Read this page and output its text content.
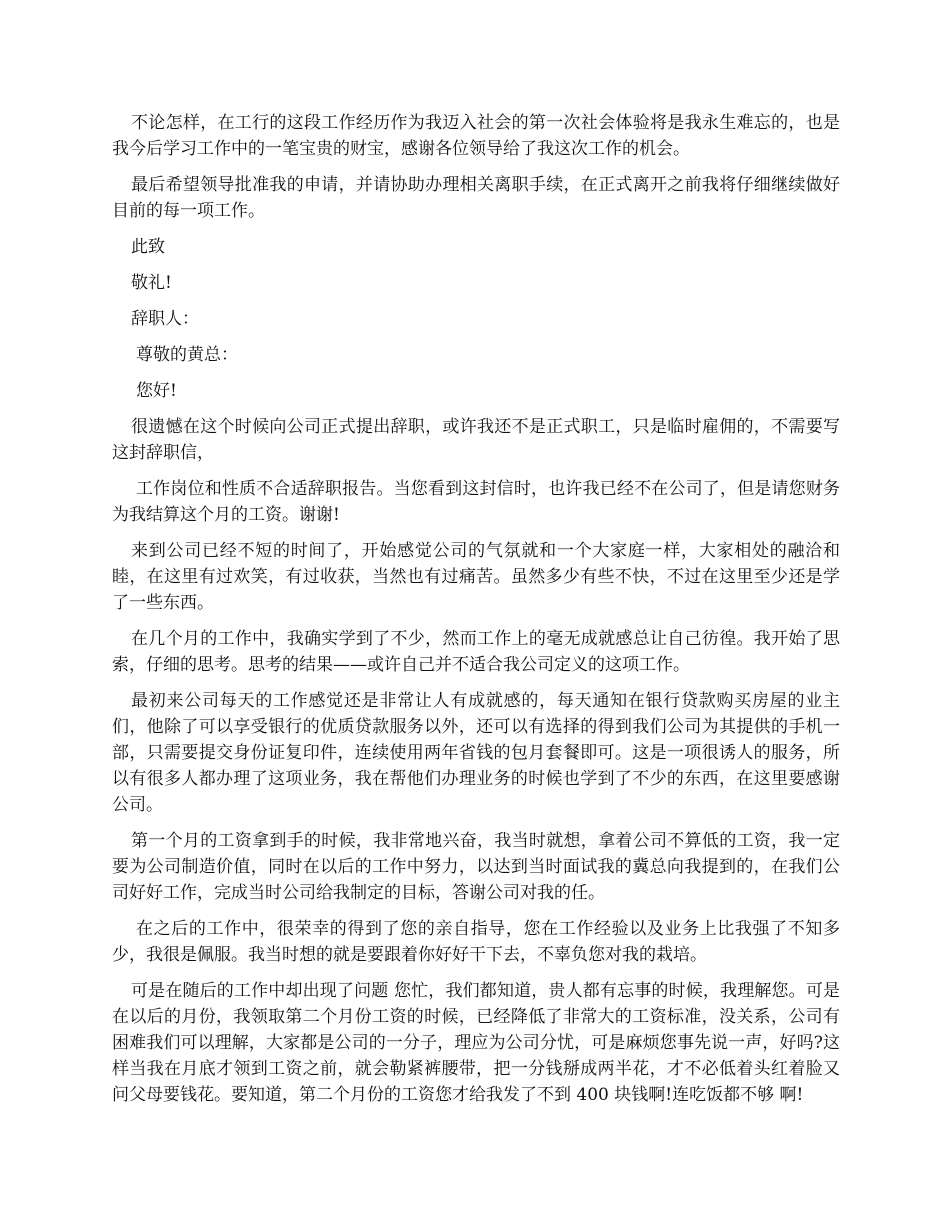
不论怎样，在工行的这段工作经历作为我迈入社会的第一次社会体验将是我永生难忘的，也是我今后学习工作中的一笔宝贵的财宝，感谢各位领导给了我这次工作的机会。

最后希望领导批准我的申请，并请协助办理相关离职手续，在正式离开之前我将仔细继续做好目前的每一项工作。

此致

敬礼!

辞职人：

尊敬的黄总：

您好!

很遗憾在这个时候向公司正式提出辞职，或许我还不是正式职工，只是临时雇佣的，不需要写这封辞职信，

工作岗位和性质不合适辞职报告。当您看到这封信时，也许我已经不在公司了，但是请您财务为我结算这个月的工资。谢谢!

来到公司已经不短的时间了，开始感觉公司的气氛就和一个大家庭一样，大家相处的融洽和睦，在这里有过欢笑，有过收获，当然也有过痛苦。虽然多少有些不快，不过在这里至少还是学了一些东西。

在几个月的工作中，我确实学到了不少，然而工作上的毫无成就感总让自己彷徨。我开始了思索，仔细的思考。思考的结果——或许自己并不适合我公司定义的这项工作。

最初来公司每天的工作感觉还是非常让人有成就感的，每天通知在银行贷款购买房屋的业主们，他除了可以享受银行的优质贷款服务以外，还可以有选择的得到我们公司为其提供的手机一部，只需要提交身份证复印件，连续使用两年省钱的包月套餐即可。这是一项很诱人的服务，所以有很多人都办理了这项业务，我在帮他们办理业务的时候也学到了不少的东西，在这里要感谢公司。

第一个月的工资拿到手的时候，我非常地兴奋，我当时就想，拿着公司不算低的工资，我一定要为公司制造价值，同时在以后的工作中努力，以达到当时面试我的冀总向我提到的，在我们公司好好工作，完成当时公司给我制定的目标，答谢公司对我的任。

在之后的工作中，很荣幸的得到了您的亲自指导，您在工作经验以及业务上比我强了不知多少，我很是佩服。我当时想的就是要跟着你好好干下去，不辜负您对我的栽培。

可是在随后的工作中却出现了问题 您忙，我们都知道，贵人都有忘事的时候，我理解您。可是在以后的月份，我领取第二个月份工资的时候，已经降低了非常大的工资标准，没关系，公司有困难我们可以理解，大家都是公司的一分子，理应为公司分忧，可是麻烦您事先说一声，好吗?这样当我在月底才领到工资之前，就会勒紧裤腰带，把一分钱掰成两半花，才不必低着头红着脸又问父母要钱花。要知道，第二个月份的工资您才给我发了不到 400 块钱啊!连吃饭都不够 啊!
